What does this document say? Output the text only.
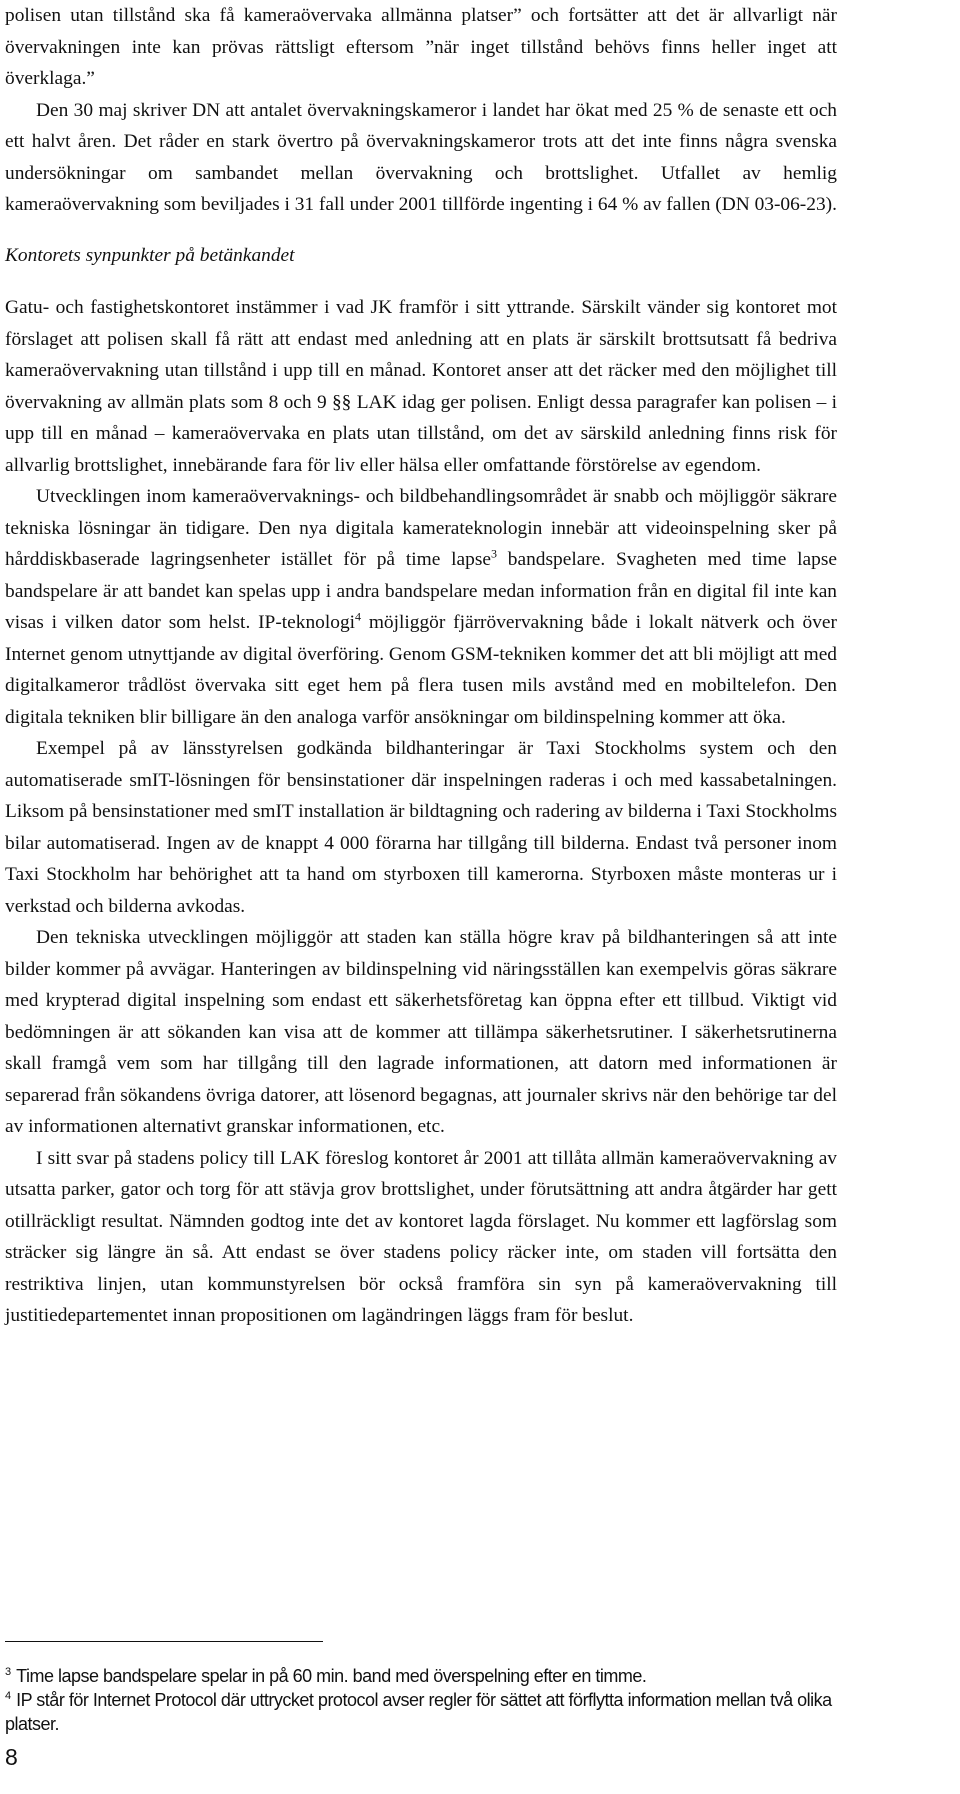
polisen utan tillstånd ska få kameraövervaka allmänna platser” och fortsätter att det är allvarligt när övervakningen inte kan prövas rättsligt eftersom ”när inget tillstånd behövs finns heller inget att överklaga.”

Den 30 maj skriver DN att antalet övervakningskameror i landet har ökat med 25 % de senaste ett och ett halvt åren. Det råder en stark övertro på övervakningskameror trots att det inte finns några svenska undersökningar om sambandet mellan övervakning och brottslighet. Utfallet av hemlig kameraövervakning som beviljades i 31 fall under 2001 tillförde ingenting i 64 % av fallen (DN 03-06-23).

Kontorets synpunkter på betänkandet

Gatu- och fastighetskontoret instämmer i vad JK framför i sitt yttrande. Särskilt vänder sig kontoret mot förslaget att polisen skall få rätt att endast med anledning att en plats är särskilt brottsutsatt få bedriva kameraövervakning utan tillstånd i upp till en månad. Kontoret anser att det räcker med den möjlighet till övervakning av allmän plats som 8 och 9 §§ LAK idag ger polisen. Enligt dessa paragrafer kan polisen – i upp till en månad – kameraövervaka en plats utan tillstånd, om det av särskild anledning finns risk för allvarlig brottslighet, innebärande fara för liv eller hälsa eller omfattande förstörelse av egendom.

Utvecklingen inom kameraövervaknings- och bildbehandlingsområdet är snabb och möjliggör säkrare tekniska lösningar än tidigare. Den nya digitala kamerateknologin innebär att videoinspelning sker på hårddiskbaserade lagringsenheter istället för på time lapse$^3$ bandspelare. Svagheten med time lapse bandspelare är att bandet kan spelas upp i andra bandspelare medan information från en digital fil inte kan visas i vilken dator som helst. IP-teknologi$^4$ möjliggör fjärrövervakning både i lokalt nätverk och över Internet genom utnyttjande av digital överföring. Genom GSM-tekniken kommer det att bli möjligt att med digitalkameror trådlöst övervaka sitt eget hem på flera tusen mils avstånd med en mobiltelefon. Den digitala tekniken blir billigare än den analoga varför ansökningar om bildinspelning kommer att öka.

Exempel på av länsstyrelsen godkända bildhanteringar är Taxi Stockholms system och den automatiserade smIT-lösningen för bensinstationer där inspelningen raderas i och med kassabetalningen. Liksom på bensinstationer med smIT installation är bildtagning och radering av bilderna i Taxi Stockholms bilar automatiserad. Ingen av de knappt 4 000 förarna har tillgång till bilderna. Endast två personer inom Taxi Stockholm har behörighet att ta hand om styrboxen till kamerorna. Styrboxen måste monteras ur i verkstad och bilderna avkodas.

Den tekniska utvecklingen möjliggör att staden kan ställa högre krav på bildhanteringen så att inte bilder kommer på avvägar. Hanteringen av bildinspelning vid näringsställen kan exempelvis göras säkrare med krypterad digital inspelning som endast ett säkerhetsföretag kan öppna efter ett tillbud. Viktigt vid bedömningen är att sökanden kan visa att de kommer att tillämpa säkerhetsrutiner. I säkerhetsrutinerna skall framgå vem som har tillgång till den lagrade informationen, att datorn med informationen är separerad från sökandens övriga datorer, att lösenord begagnas, att journaler skrivs när den behörige tar del av informationen alternativt granskar informationen, etc.

I sitt svar på stadens policy till LAK föreslog kontoret år 2001 att tillåta allmän kameraövervakning av utsatta parker, gator och torg för att stävja grov brottslighet, under förutsättning att andra åtgärder har gett otillräckligt resultat. Nämnden godtog inte det av kontoret lagda förslaget. Nu kommer ett lagförslag som sträcker sig längre än så. Att endast se över stadens policy räcker inte, om staden vill fortsätta den restriktiva linjen, utan kommunstyrelsen bör också framföra sin syn på kameraövervakning till justitiedepartementet innan propositionen om lagändringen läggs fram för beslut.

$^3$ Time lapse bandspelare spelar in på 60 min. band med överspelning efter en timme.

$^4$ IP står för Internet Protocol där uttrycket protocol avser regler för sättet att förflytta information mellan två olika platser.

8
